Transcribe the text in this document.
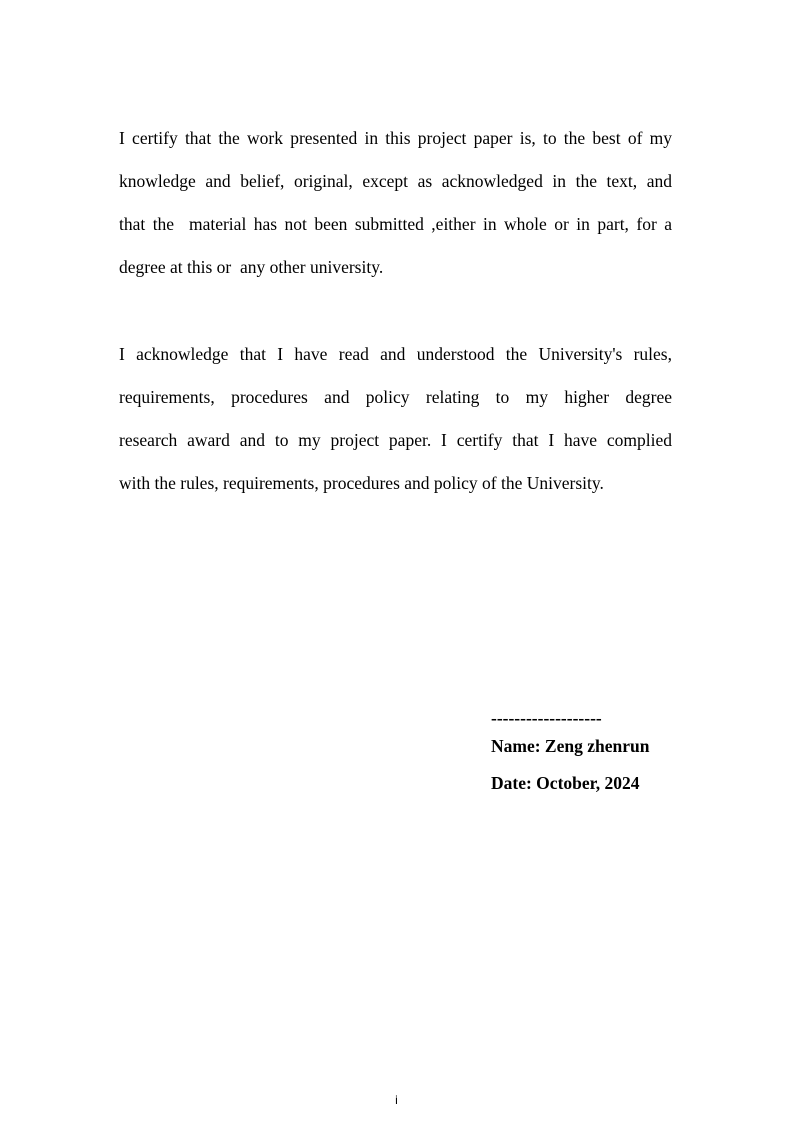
I certify that the work presented in this project paper is, to the best of my
knowledge and belief, original, except as acknowledged in the text, and
that the  material has not been submitted ,either in whole or in part, for a
degree at this or  any other university.
I acknowledge that I have read and understood the University's rules,
requirements, procedures and policy relating to my higher degree
research award and to my project paper. I certify that I have complied
with the rules, requirements, procedures and policy of the University.
-------------------
Name: Zeng zhenrun
Date: October, 2024
i
